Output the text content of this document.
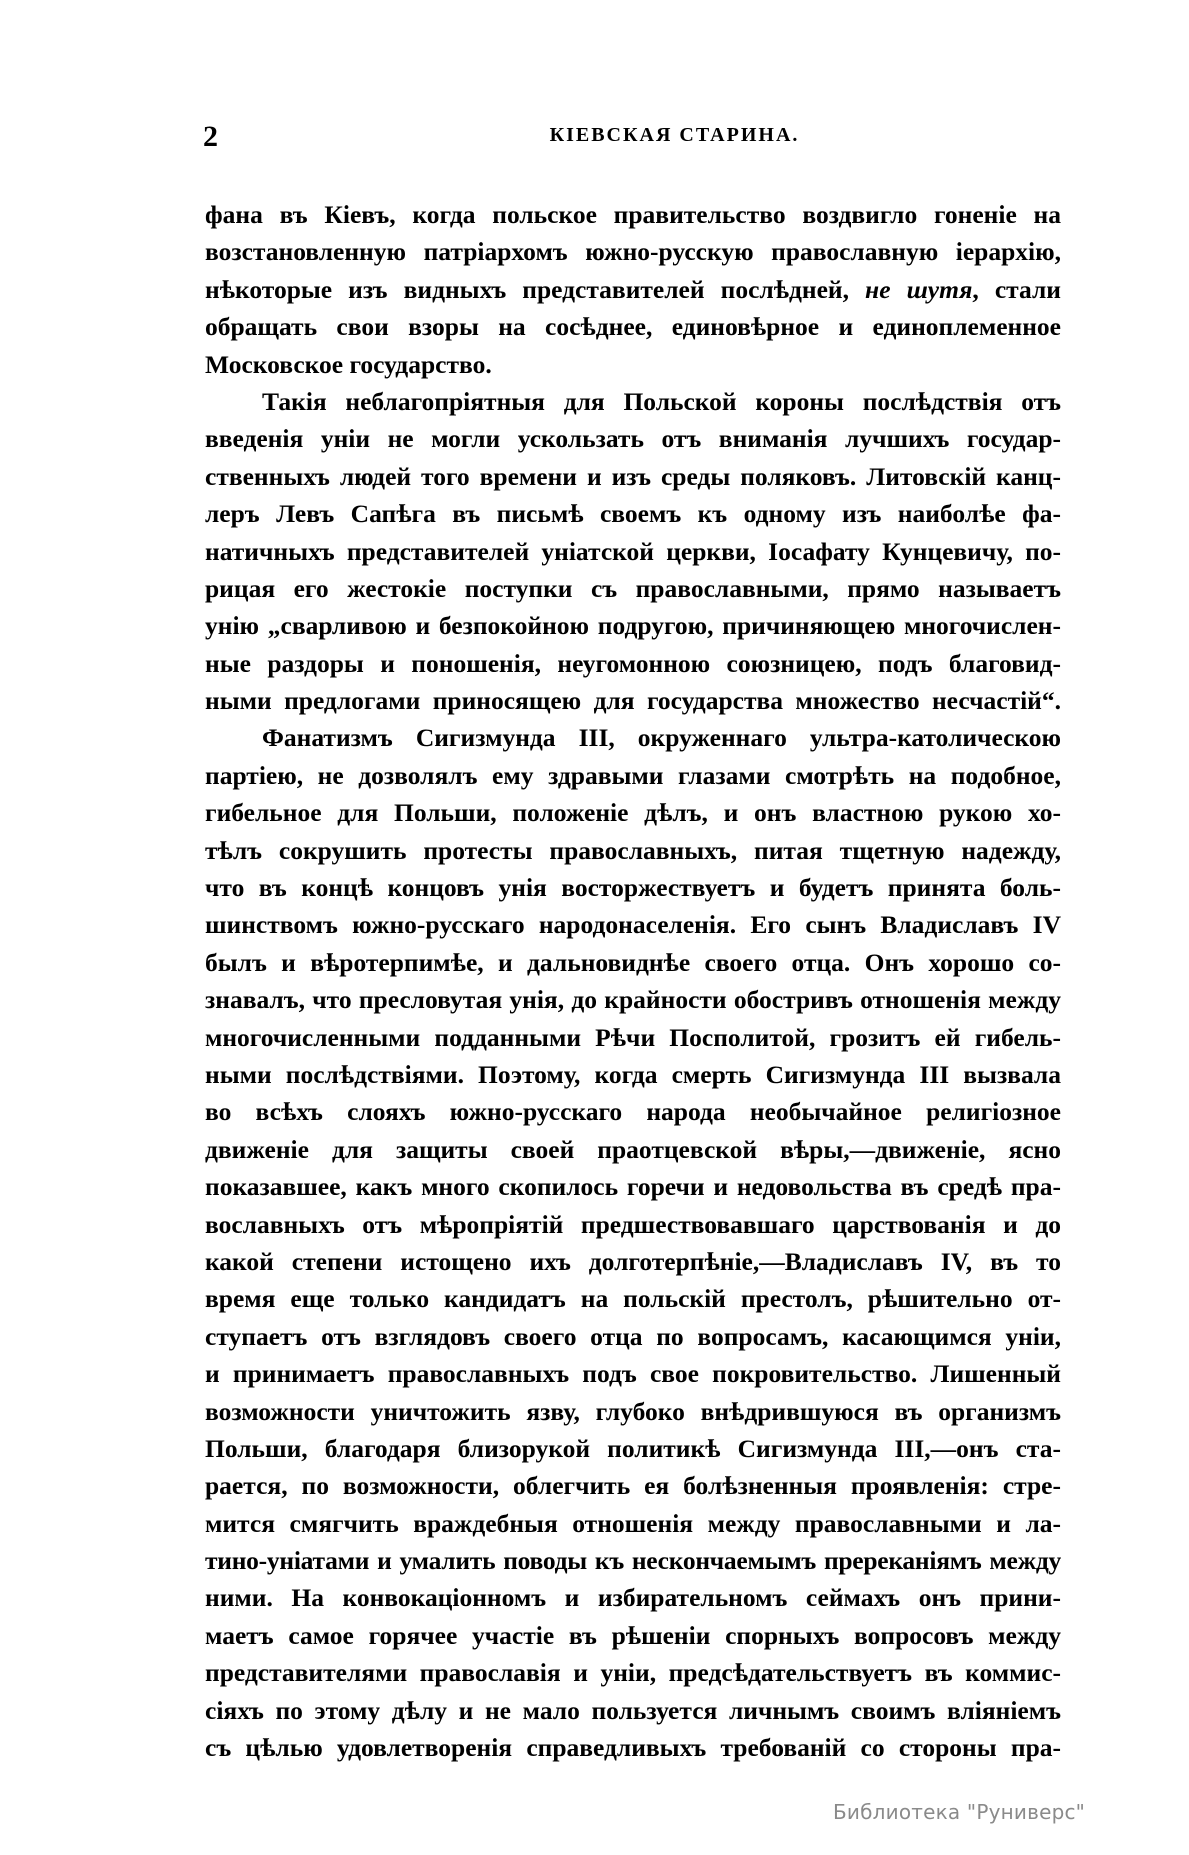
2	КІЕВСКАЯ СТАРИНА.
фана въ Кіевъ, когда польское правительство воздвигло гоненіе на
возстановленную патріархомъ южно-русскую православную іерархію,
нѣкоторые изъ видныхъ представителей послѣдней, не шутя, стали
обращать свои взоры на сосѣднее, единовѣрное и единоплеменное
Московское государство.
Такія неблагопріятныя для Польской короны послѣдствія отъ
введенія уніи не могли ускользать отъ вниманія лучшихъ государ-
ственныхъ людей того времени и изъ среды поляковъ. Литовскій канц-
леръ Левъ Сапѣга въ письмѣ своемъ къ одному изъ наиболѣе фа-
натичныхъ представителей уніатской церкви, Іосафату Кунцевичу, по-
рицая его жестокіе поступки съ православными, прямо называетъ
унію „сварливою и безпокойною подругою, причиняющею многочислен-
ные раздоры и поношенія, неугомонною союзницею, подъ благовид-
ными предлогами приносящею для государства множество несчастій“.
Фанатизмъ Сигизмунда III, окруженнаго ультра-католическою
партіею, не дозволялъ ему здравыми глазами смотрѣть на подобное,
гибельное для Польши, положеніе дѣлъ, и онъ властною рукою хо-
тѣлъ сокрушить протесты православныхъ, питая тщетную надежду,
что въ концѣ концовъ унія восторжествуетъ и будетъ принята боль-
шинствомъ южно-русскаго народонаселенія. Его сынъ Владиславъ IV
былъ и вѣротерпимѣе, и дальновиднѣе своего отца. Онъ хорошо со-
знавалъ, что пресловутая унія, до крайности обостривъ отношенія между
многочисленными подданными Рѣчи Посполитой, грозитъ ей гибель-
ными послѣдствіями. Поэтому, когда смерть Сигизмунда III вызвала
во всѣхъ слояхъ южно-русскаго народа необычайное религіозное
движеніе для защиты своей праотцевской вѣры,—движеніе, ясно
показавшее, какъ много скопилось горечи и недовольства въ средѣ пра-
вославныхъ отъ мѣропріятій предшествовавшаго царствованія и до
какой степени истощено ихъ долготерпѣніе,—Владиславъ IV, въ то
время еще только кандидатъ на польскій престолъ, рѣшительно от-
ступаетъ отъ взглядовъ своего отца по вопросамъ, касающимся уніи,
и принимаетъ православныхъ подъ свое покровительство. Лишенный
возможности уничтожить язву, глубоко внѣдрившуюся въ организмъ
Польши, благодаря близорукой политикѣ Сигизмунда III,—онъ ста-
рается, по возможности, облегчить ея болѣзненныя проявленія: стре-
мится смягчить враждебныя отношенія между православными и ла-
тино-уніатами и умалить поводы къ нескончаемымъ пререканіямъ между
ними. На конвокаціонномъ и избирательномъ сеймахъ онъ прини-
маетъ самое горячее участіе въ рѣшеніи спорныхъ вопросовъ между
представителями православія и уніи, предсѣдательствуетъ въ коммис-
сіяхъ по этому дѣлу и не мало пользуется личнымъ своимъ вліяніемъ
съ цѣлью удовлетворенія справедливыхъ требованій со стороны пра-
Библиотека "Руниверс"
